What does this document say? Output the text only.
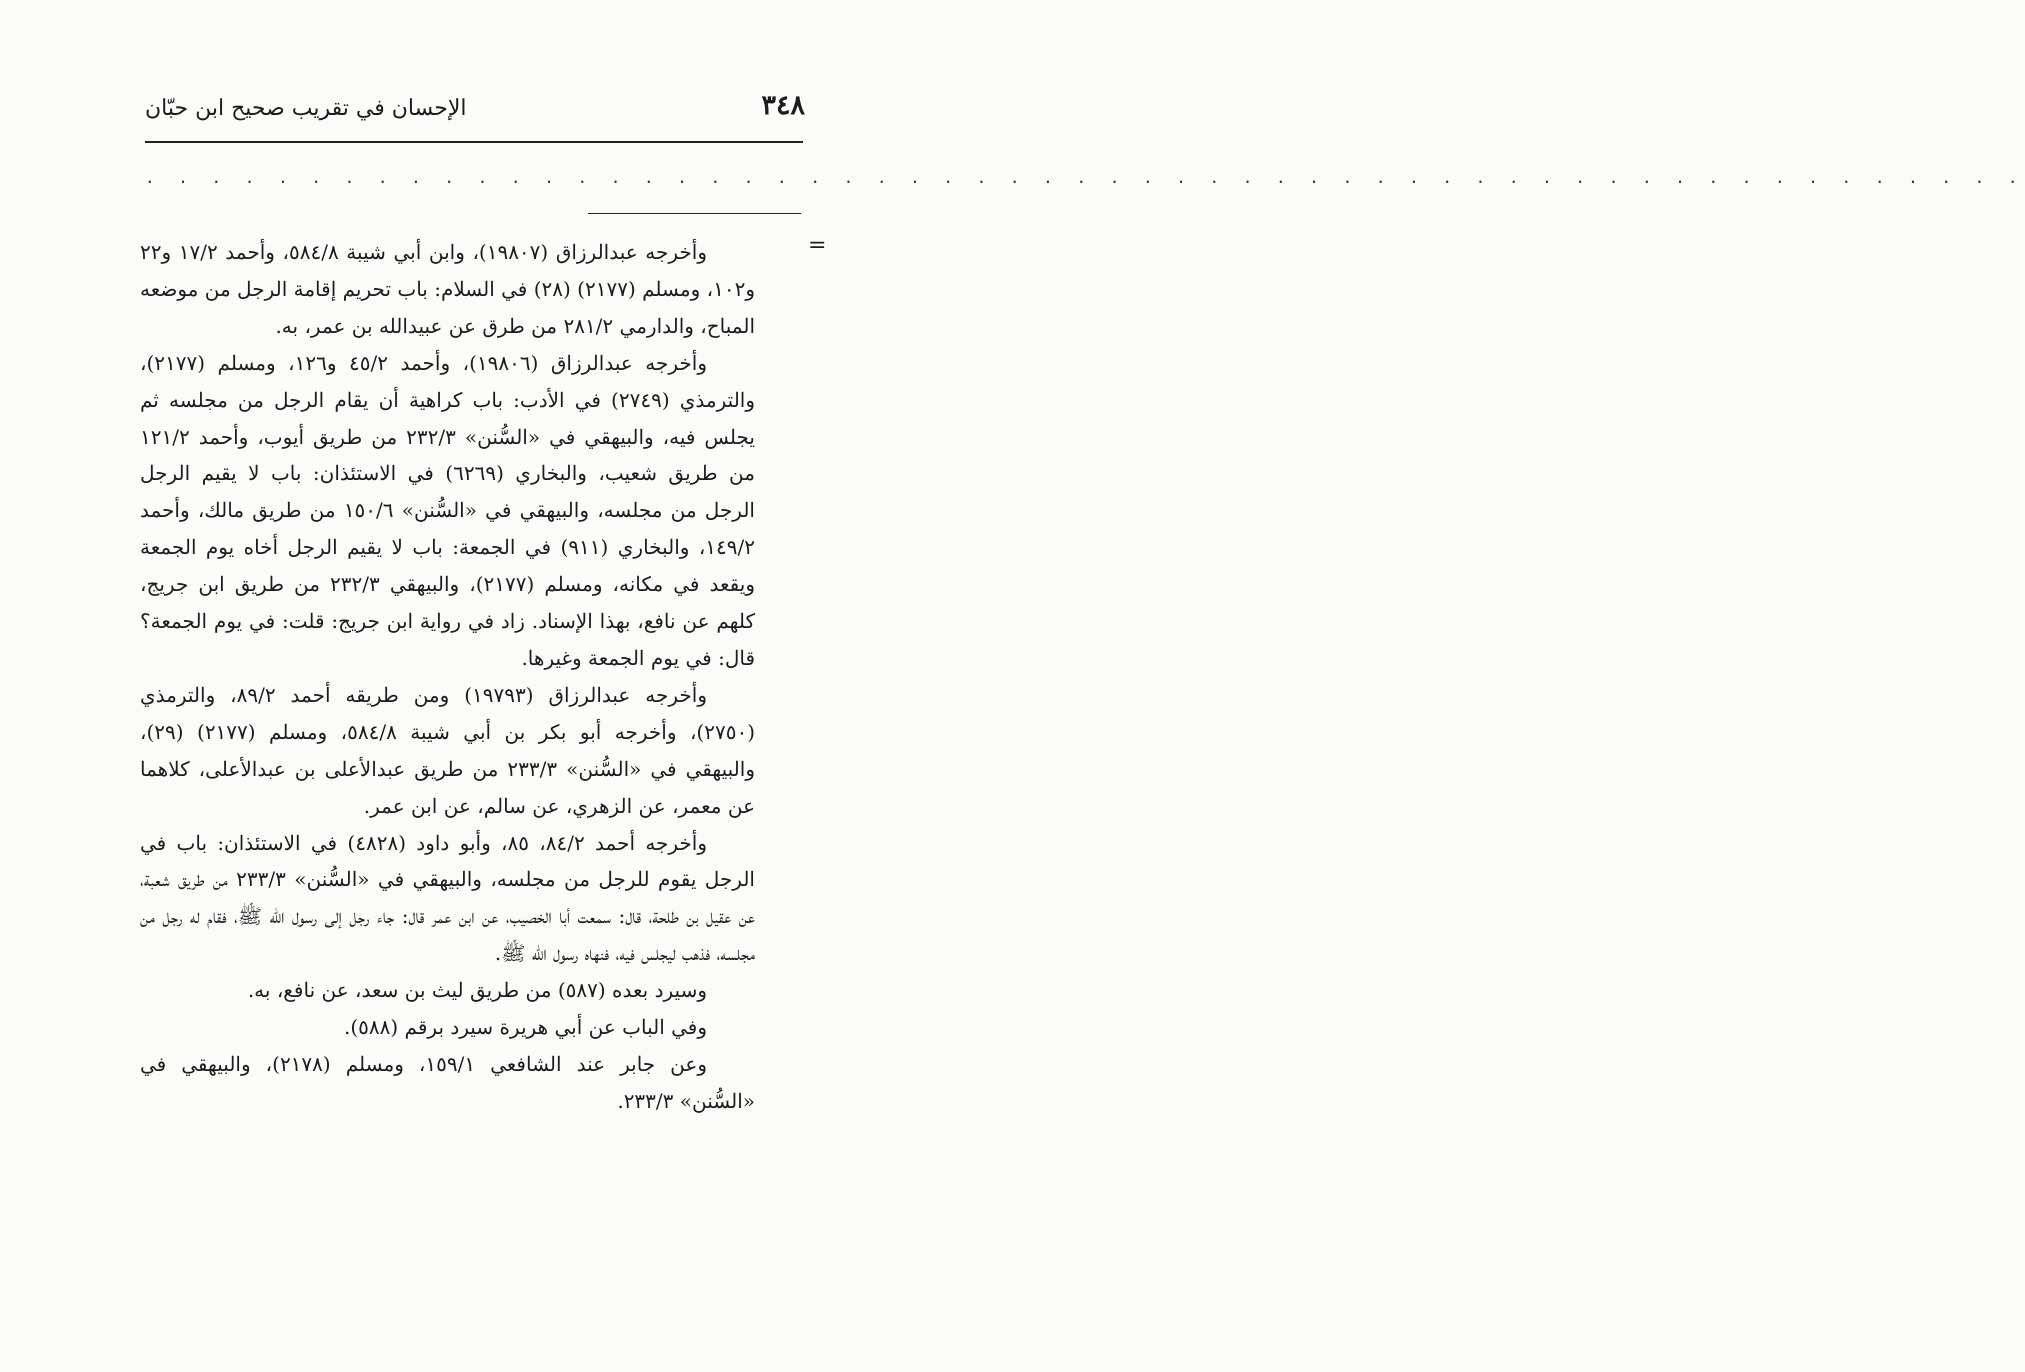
٣٤٨
الإحسان في تقريب صحيح ابن حبّان
. . . . . . . . . . . . . . . . . . . . . . . . . . . . . . . . . . . . . . . . . . . . . . . . . . . . . . . . .
=

وأخرجه عبدالرزاق (١٩٨٠٧)، وابن أبي شيبة ٥٨٤/٨، وأحمد ١٧/٢ و٢٢ و١٠٢، ومسلم (٢١٧٧) (٢٨) في السلام: باب تحريم إقامة الرجل من موضعه المباح، والدارمي ٢٨١/٢ من طرق عن عبيدالله بن عمر، به.

وأخرجه عبدالرزاق (١٩٨٠٦)، وأحمد ٤٥/٢ و١٢٦، ومسلم (٢١٧٧)، والترمذي (٢٧٤٩) في الأدب: باب كراهية أن يقام الرجل من مجلسه ثم يجلس فيه، والبيهقي في «السُّنن» ٢٣٢/٣ من طريق أيوب، وأحمد ١٢١/٢ من طريق شعيب، والبخاري (٦٢٦٩) في الاستئذان: باب لا يقيم الرجل الرجل من مجلسه، والبيهقي في «السُّنن» ١٥٠/٦ من طريق مالك، وأحمد ١٤٩/٢، والبخاري (٩١١) في الجمعة: باب لا يقيم الرجل أخاه يوم الجمعة ويقعد في مكانه، ومسلم (٢١٧٧)، والبيهقي ٢٣٢/٣ من طريق ابن جريج، كلهم عن نافع، بهذا الإسناد. زاد في رواية ابن جريج: قلت: في يوم الجمعة؟ قال: في يوم الجمعة وغيرها.

وأخرجه عبدالرزاق (١٩٧٩٣) ومن طريقه أحمد ٨٩/٢، والترمذي (٢٧٥٠)، وأخرجه أبو بكر بن أبي شيبة ٥٨٤/٨، ومسلم (٢١٧٧) (٢٩)، والبيهقي في «السُّنن» ٢٣٣/٣ من طريق عبدالأعلى بن عبدالأعلى، كلاهما عن معمر، عن الزهري، عن سالم، عن ابن عمر.

وأخرجه أحمد ٨٤/٢، ٨٥، وأبو داود (٤٨٢٨) في الاستئذان: باب في الرجل يقوم للرجل من مجلسه، والبيهقي في «السُّنن» ٢٣٣/٣ من طريق شعبة، عن عقيل بن طلحة، قال: سمعت أبا الخصيب، عن ابن عمر قال: جاء رجل إلى رسول الله ﷺ، فقام له رجل من مجلسه، فذهب ليجلس فيه، فنهاه رسول الله ﷺ.

وسيرد بعده (٥٨٧) من طريق ليث بن سعد، عن نافع، به.

وفي الباب عن أبي هريرة سيرد برقم (٥٨٨).

وعن جابر عند الشافعي ١٥٩/١، ومسلم (٢١٧٨)، والبيهقي في «السُّنن» ٢٣٣/٣.
